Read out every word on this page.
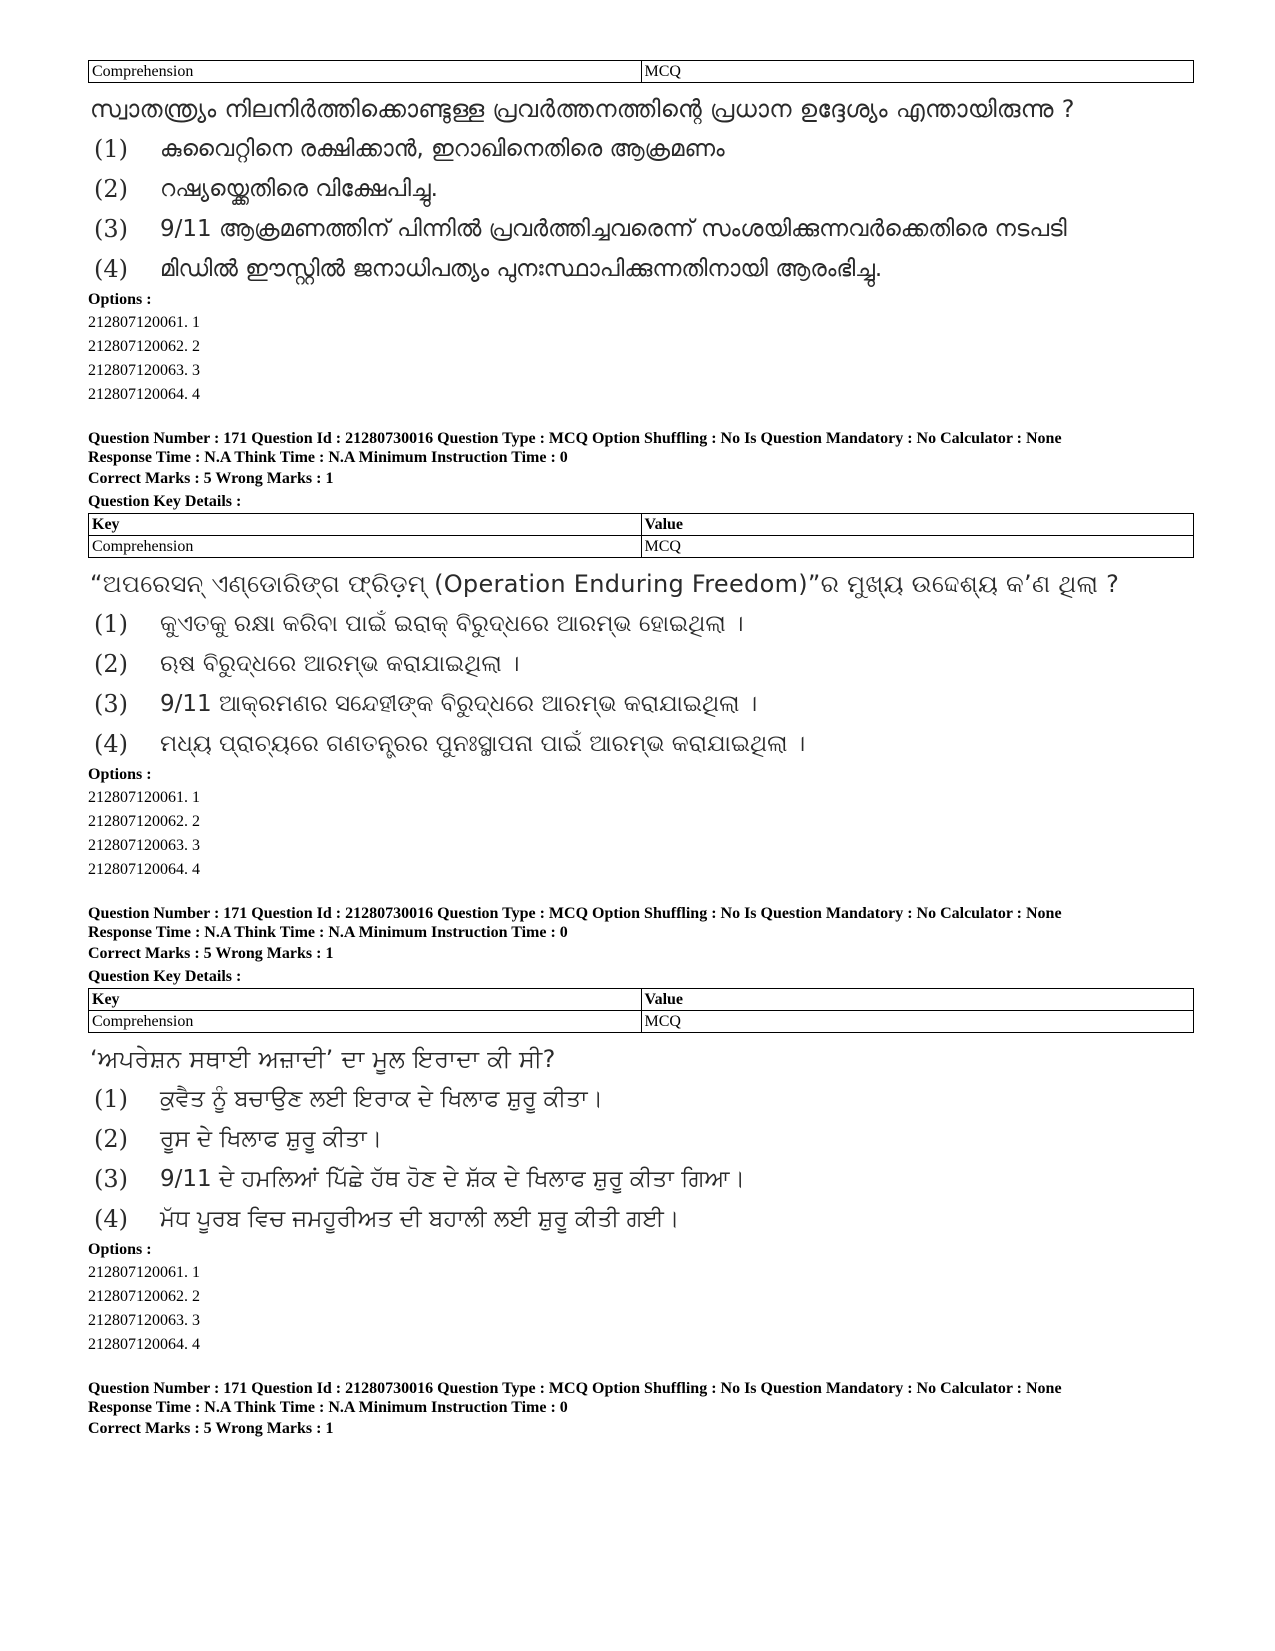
Comprehension	MCQ
സ്വാതന്ത്ര്യം നിലനിർത്തിക്കൊണ്ടുള്ള പ്രവർത്തനത്തിന്റെ പ്രധാന ഉദ്ദേശ്യം എന്തായിരുന്നു ?
(1)	കുവൈറ്റിനെ രക്ഷിക്കാൻ, ഇറാഖിനെതിരെ ആക്രമണം
(2)	റഷ്യയ്ക്കെതിരെ വിക്ഷേപിച്ചു.
(3)	9/11 ആക്രമണത്തിന് പിന്നിൽ പ്രവർത്തിച്ചവരെന്ന് സംശയിക്കുന്നവർക്കെതിരെ നടപടി
(4)	മിഡിൽ ഈസ്റ്റിൽ ജനാധിപത്യം പുനഃസ്ഥാപിക്കുന്നതിനായി ആരംഭിച്ചു.
Options :
212807120061. 1
212807120062. 2
212807120063. 3
212807120064. 4
Question Number : 171 Question Id : 21280730016 Question Type : MCQ Option Shuffling : No Is Question Mandatory : No Calculator : None
Response Time : N.A Think Time : N.A Minimum Instruction Time : 0
Correct Marks : 5 Wrong Marks : 1
Question Key Details :
Key	Value
Comprehension	MCQ
“ଅପରେସନ୍ ଏଣ୍ଡୋରିଙ୍ଗ ଫ୍ରିଡ଼ମ୍ (Operation Enduring Freedom)”ର ମୁଖ୍ୟ ଉଦ୍ଦେଶ୍ୟ କ’ଣ ଥିଲା ?
(1)	କୁଏତକୁ ରକ୍ଷା କରିବା ପାଇଁ ଇରାକ୍ ବିରୁଦ୍ଧରେ ଆରମ୍ଭ ହୋଇଥିଲା ।
(2)	ଋଷ ବିରୁଦ୍ଧରେ ଆରମ୍ଭ କରାଯାଇଥିଲା ।
(3)	9/11 ଆକ୍ରମଣର ସନ୍ଦେହୀଙ୍କ ବିରୁଦ୍ଧରେ ଆରମ୍ଭ କରାଯାଇଥିଲା ।
(4)	ମଧ୍ୟ ପ୍ରାଚ୍ୟରେ ଗଣତନ୍ତ୍ରର ପୁନଃସ୍ଥାପନା ପାଇଁ ଆରମ୍ଭ କରାଯାଇଥିଲା ।
Options :
212807120061. 1
212807120062. 2
212807120063. 3
212807120064. 4
Question Number : 171 Question Id : 21280730016 Question Type : MCQ Option Shuffling : No Is Question Mandatory : No Calculator : None
Response Time : N.A Think Time : N.A Minimum Instruction Time : 0
Correct Marks : 5 Wrong Marks : 1
Question Key Details :
Key	Value
Comprehension	MCQ
‘ਅਪਰੇਸ਼ਨ ਸਥਾਈ ਅਜ਼ਾਦੀ’ ਦਾ ਮੂਲ ਇਰਾਦਾ ਕੀ ਸੀ?
(1)	ਕੁਵੈਤ ਨੂੰ ਬਚਾਉਣ ਲਈ ਇਰਾਕ ਦੇ ਖਿਲਾਫ ਸ਼ੁਰੂ ਕੀਤਾ।
(2)	ਰੂਸ ਦੇ ਖਿਲਾਫ ਸ਼ੁਰੂ ਕੀਤਾ।
(3)	9/11 ਦੇ ਹਮਲਿਆਂ ਪਿੱਛੇ ਹੱਥ ਹੋਣ ਦੇ ਸ਼ੱਕ ਦੇ ਖਿਲਾਫ ਸ਼ੁਰੂ ਕੀਤਾ ਗਿਆ।
(4)	ਮੱਧ ਪੂਰਬ ਵਿਚ ਜਮਹੂਰੀਅਤ ਦੀ ਬਹਾਲੀ ਲਈ ਸ਼ੁਰੂ ਕੀਤੀ ਗਈ।
Options :
212807120061. 1
212807120062. 2
212807120063. 3
212807120064. 4
Question Number : 171 Question Id : 21280730016 Question Type : MCQ Option Shuffling : No Is Question Mandatory : No Calculator : None
Response Time : N.A Think Time : N.A Minimum Instruction Time : 0
Correct Marks : 5 Wrong Marks : 1
